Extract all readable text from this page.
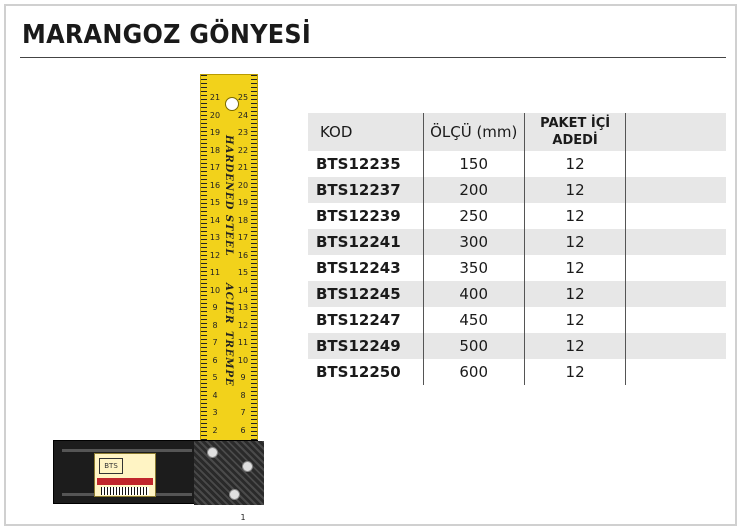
MARANGOZ GÖNYESİ
21
20
19
18
17
16
15
14
13
12
11
10
9
8
7
6
5
4
3
2
25
24
23
22
21
20
19
18
17
16
15
14
13
12
11
10
9
8
7
6
1
HARDENED STEEL
ACIER
TREMPE
BTS
KOD	ÖLÇÜ (mm)	PAKET İÇİ
ADEDİ	
BTS12235	150	12	
BTS12237	200	12	
BTS12239	250	12	
BTS12241	300	12	
BTS12243	350	12	
BTS12245	400	12	
BTS12247	450	12	
BTS12249	500	12	
BTS12250	600	12	
